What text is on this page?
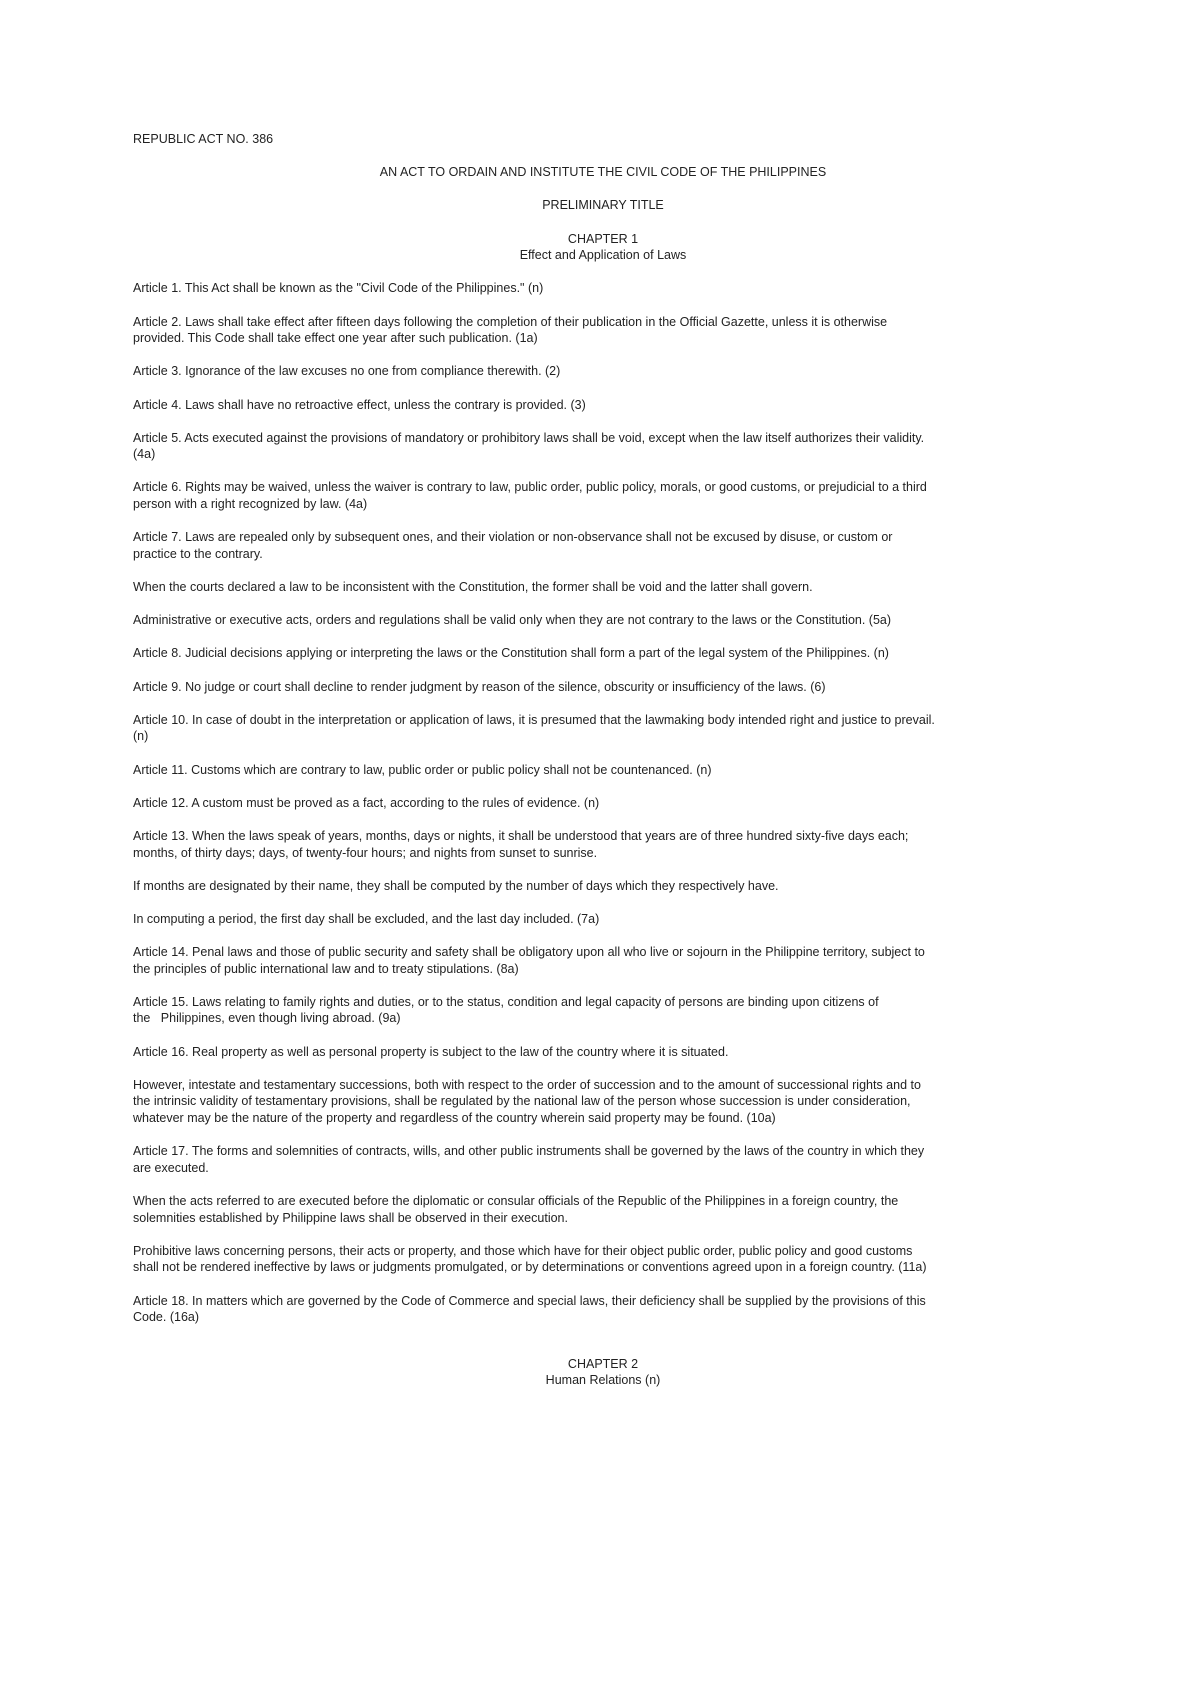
REPUBLIC ACT NO. 386

AN ACT TO ORDAIN AND INSTITUTE THE CIVIL CODE OF THE PHILIPPINES

PRELIMINARY TITLE

CHAPTER 1
Effect and Application of Laws
Article 1. This Act shall be known as the "Civil Code of the Philippines." (n)
Article 2. Laws shall take effect after fifteen days following the completion of their publication in the Official Gazette, unless it is otherwise
provided. This Code shall take effect one year after such publication. (1a)
Article 3. Ignorance of the law excuses no one from compliance therewith. (2)
Article 4. Laws shall have no retroactive effect, unless the contrary is provided. (3)
Article 5. Acts executed against the provisions of mandatory or prohibitory laws shall be void, except when the law itself authorizes their validity.
(4a)
Article 6. Rights may be waived, unless the waiver is contrary to law, public order, public policy, morals, or good customs, or prejudicial to a third
person with a right recognized by law. (4a)
Article 7. Laws are repealed only by subsequent ones, and their violation or non-observance shall not be excused by disuse, or custom or
practice to the contrary.
When the courts declared a law to be inconsistent with the Constitution, the former shall be void and the latter shall govern.
Administrative or executive acts, orders and regulations shall be valid only when they are not contrary to the laws or the Constitution. (5a)
Article 8. Judicial decisions applying or interpreting the laws or the Constitution shall form a part of the legal system of the Philippines. (n)
Article 9. No judge or court shall decline to render judgment by reason of the silence, obscurity or insufficiency of the laws. (6)
Article 10. In case of doubt in the interpretation or application of laws, it is presumed that the lawmaking body intended right and justice to prevail.
(n)
Article 11. Customs which are contrary to law, public order or public policy shall not be countenanced. (n)
Article 12. A custom must be proved as a fact, according to the rules of evidence. (n)
Article 13. When the laws speak of years, months, days or nights, it shall be understood that years are of three hundred sixty-five days each;
months, of thirty days; days, of twenty-four hours; and nights from sunset to sunrise.
If months are designated by their name, they shall be computed by the number of days which they respectively have.
In computing a period, the first day shall be excluded, and the last day included. (7a)
Article 14. Penal laws and those of public security and safety shall be obligatory upon all who live or sojourn in the Philippine territory, subject to
the principles of public international law and to treaty stipulations. (8a)
Article 15. Laws relating to family rights and duties, or to the status, condition and legal capacity of persons are binding upon citizens of
the   Philippines, even though living abroad. (9a)
Article 16. Real property as well as personal property is subject to the law of the country where it is situated.
However, intestate and testamentary successions, both with respect to the order of succession and to the amount of successional rights and to
the intrinsic validity of testamentary provisions, shall be regulated by the national law of the person whose succession is under consideration,
whatever may be the nature of the property and regardless of the country wherein said property may be found. (10a)
Article 17. The forms and solemnities of contracts, wills, and other public instruments shall be governed by the laws of the country in which they
are executed.
When the acts referred to are executed before the diplomatic or consular officials of the Republic of the Philippines in a foreign country, the
solemnities established by Philippine laws shall be observed in their execution.
Prohibitive laws concerning persons, their acts or property, and those which have for their object public order, public policy and good customs
shall not be rendered ineffective by laws or judgments promulgated, or by determinations or conventions agreed upon in a foreign country. (11a)
Article 18. In matters which are governed by the Code of Commerce and special laws, their deficiency shall be supplied by the provisions of this
Code. (16a)
CHAPTER 2
Human Relations (n)
